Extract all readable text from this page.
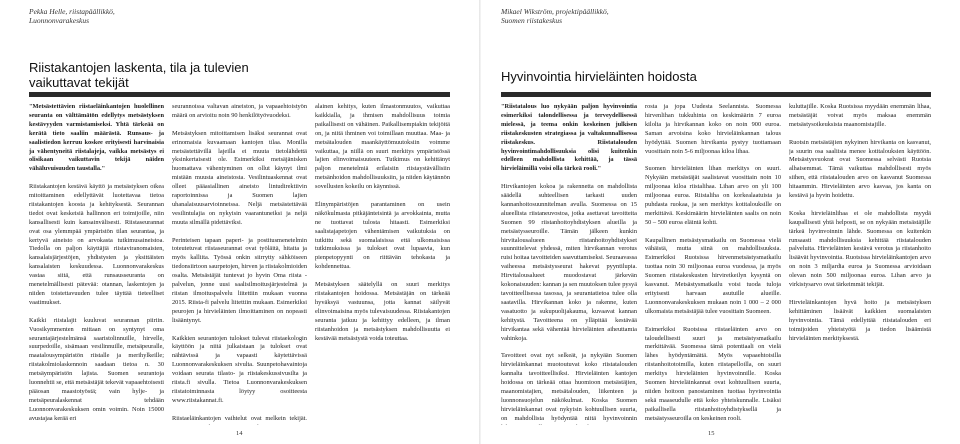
Pekka Helle, riistapäällikkö,
Luonnonvarakeskus
Riistakantojen laskenta, tila ja tulevien
vaikuttavat tekijät

"Metsästettävien riistaeläinkantojen huolellinen seuranta on välttämätön edellytys metsästyksen kestävyyden varmistamiseksi. Yhtä tärkeää on kerätä tieto saaliin määrästä. Runsaus- ja saalistiedon kerruu koskee erityisesti harvinaisia ja vähentyneitä riistalajeja, vaikka metsästys ei olisikaan vaikuttavin tekijä näiden vähäluvuisuuden taustalla."

Riistakantojen kestävä käyttö ja metsästyksen oikea mitoittaminen edellyttävät luotettavaa tietoa riistakantojen koosta ja kehityksestä. Seurannan tiedot ovat keskeisiä hallinnon eri toimijoille, niin kansallisesti kuin kansainvälisesti. Riistaseurannat ovat osa ylemmpää ympäristön tilan seurantaa, ja kertyvä aineisto on arvokasta tutkimusaineistoa. Tiedolla on paljon käyttäjiä riistaviranomaisten, kansalaisjärjestöjen, yhdistysten ja yksittäisten kansalaisten keskuudessa. Luonnonvarakeskus vastaa siitä, että runsausseuranta on menetelmällisesti pätevää: otannan, laskentojen ja niiden toistettavuuden tulee täyttää tieteelliset vaatimukset.

Kaikki riistalajit kuuluvat seurannan piiriin. Vuosikymmenten mittaan on syntynyt oma seurantajärjestelmänsä saaristolinnuille, hirvelle, suurpedoille, sisämaan vesilinnuille, metsäpeuralle, maatalousympäristön riistalle ja merihylkeille; riistakolmiolaskennoin saadaan tietoa n. 30 metsäympäristön lajista. Suomen seurantoja luonnehtii se, että metsästäjät tekevät vapaaehtoisesti pääosan maastotyöstä; vain hylje- ja metsäpeuralaskennat tehdään Luonnonvarakeskuksen omin voimin. Noin 15000 avustajaa kerää eri

seurannoissa valtavan aineiston, ja vapaaehtoistyön määrä on arvioitu noin 90 henkilötyövuodeksi.

Metsästyksen mitoittamisen lisäksi seurannat ovat erinomaisia kuvaamaan kantojen tilaa. Monilla metsästettävillä lajeilla ei muuta tietolähdettä yksinkertaisesti ole. Esimerkiksi metsäjänisken huomattava vähentyminen on ollut käynyt ilmi mistään muusta aineistosta. Vesilintuaskennat ovat olleet pääasiallinen aineisto lintudirektiivin raportoinnissa ja Suomen lajien uhanalaisuusarvioinneissa. Neljä metsästettävää vesilintulajia on nykyisin vaarantuneiksi ja neljä muuta silmällä pidettäviksi.

Perinteisen tapaan paperi- ja postitusmenetelmin toteutetuvat riistaseurannat ovat työläitä, hitaita ja myös kalliita. Työssä onkin siirrytty sähköiseen tiedonsiirtoon saurpetojen, hirven ja riistakolmioiden osalta. Metsästäjät tuntevat jo hyvin Oma riista -palvelun, jonne uusi saalisilmoitusjärjestelmä ja riistan ilmoituspalvelu liitettiin mukaan vuonna 2015. Riista-fi palvelu liitettiin mukaan. Esimerkiksi peurojen ja hirvieläinten ilmoittaminen on nopeasti lisääntynyt.

Kaikkien seurantojen tulokset tulevat riistaekologin käyttöön ja niitä julkaistaan ja tulokset ovat nähtävissä ja vapaasti käytettävissä Luonnonvarakeskuksen sivulta. Suunpetohavaintoja voidaan seurata tilasto- ja riistakeskussivusilta ja riista.fi sivulla. Tietoa Luonnonvarakeskuksen riistatoiminnasta löytyy osoitteesta www.riistakannat.fi.

Riistaeläinkantojen vaihtelut ovat melkein tekijät.

alainen kehitys, kuten ilmastonmuutos, vaikuttaa kaikkialla, ja ihmisen mahdollisuus toimia paikallisesti on vähäinen. Paikallisempiakin tekijöitä on, ja niitä ihminen voi toimillaan muuttaa. Maa- ja metsätalouden maankäyttömuutoksiin voimme vaikuttaa, ja niillä on suuri merkitys ympäristössä lajien elinvoimaisuuteen. Tutkimus on kehittänyt paljon menetelmiä erilaisiin riistaystävällisiin metsänhoidon mahdollisuuksiin, ja niiden käytännön sovellusten kokeilu on käynnissä.

Elinympäristöjen parantaminen on usein näkökulmasta pitkäjänteisintä ja arvokkainta, mutta ne tuottavat tulosta hitaasti. Esimerkiksi saalistajapetojen vähentämisen vaikutuksia on tutkittu sekä suomalaisissa että ulkomaisissa tutkimuksissa ja tulokset ovat lupaavia, kun pienpetopyynti on riittävän tehokasta ja kohdennettua.

Metsästyksen säätelyllä on suuri merkitys riistakantojen hoidossa. Metsästäjän on tärkeää hyväksyä vastuunsa, jotta kannat säilyvät elinvoimaisina myös tulevaisuudessa. Riistakantojen seuranta jatkuu ja kehittyy edelleen, ja ilman riistanhoidon ja metsästyksen mahdollisuutta ei kestävää metsästystä voida toteuttaa.

14
Mikael Wikström, projektipäällikkö,
Suomen riistakeskus
Hyvinvointia hirvieläinten hoidosta

"Riistatalous luo nykyään paljon hyvinvointia esimerkiksi talondellisessa ja terveydellisessä mielessä, ja teema onkin keskeinen julkisen riistakeskusten strategiassa ja valtakunnallisessa riistakeskus. Riistatalouden hyvinvointimahdollisuuksia olisi kuitenkin edelleen mahdollista kehittää, ja tässä hirvieläimillä voisi olla tärkeä rooli."

Hirvikantojen kokoa ja rakennetta on mahdollista säädellä suhteellisen tarkasti uuden kannanhoitosuunnitelman avulla. Suomessa on 15 alueellista riistaneuvostoa, jotka asettavat tavoitteita Suomen 99 riistanhoitoyhdistyksen alueilla ja metsästysseuroille. Tämän jälkeen kunkin hirvitalousalueen riistanhoitoyhdistykset suunnittelevat yhdessä, miten hirvikannan verotus ruisi hoitaa tavoitteiden saavuttamiseksi. Seuraavassa vaiheessa metsästysseurat hakevat pyyntilupia. Hirvitalousalueet muodostavat järkevän kokonaisuuden: kannan ja sen muutoksen tulee pysyä tavoitteellisessa tasossa, ja seurantatietoa tulee olla saatavilla. Hirvikannan koko ja rakenne, kuten vasatuotto ja sukupuolijakauma, kuvaavat kannan kehitystä. Tavoitteena on ylläpitää kestävää hirvikantaa sekä vähentää hirvieläinten aiheuttamia vahinkoja.

Tavoitteet ovat nyt selkeät, ja nykyään Suomen hirvieläinkannat muotoutuvat koko riistatalouden kannalta tavoitteellisiksi. Hirvieläinten kantojen hoidossa on tärkeää ottaa huomioon metsästäjien, maanomistajien, metsätalouden, liikenteen ja luonnonsuojelun näkökulmat. Koska Suomen hirvieläinkannat ovat nykyisin kohtuullisen suuria, on mahdollista hyödyntää niitä hyvinvoinnin

rosta ja jopa Uudesta Seelannista. Suomessa hirvenlihan tukkuhinta on keskimäärin 7 euroa kilolta ja hirvikannan koko on noin 900 euroa. Saman arvoisina koko hirvieläinkannan talous hyödyttää. Suomen hirvikanta pystyy tuottamaan vuosittain noin 5-6 miljoonaa kiloa lihaa.

Suomen hirvieläinten lihan merkitys on suuri. Nykyään metsästäjät saalistavat vuosittain noin 10 miljoonaa kiloa riistalihaa. Lihan arvo on yli 100 miljoonaa euroa. Riistaliha on korkealaatuista ja puhdasta ruokaa, ja sen merkitys kotitalouksille on merkittävä. Keskimäärin hirvieläinten saalis on noin 50 – 500 euroa eläintä kohti.

Kaupallinen metsästysmatkailu on Suomessa vielä vähäistä, mutta siinä on mahdollisuuksia. Esimerkiksi Ruotsissa hirvenmetsästysmatkailu tuottaa noin 30 miljoonaa euroa vuodessa, ja myös Suomen riistakeskusten hirviretkeilyn kysyntä on kasvanut. Metsästysmatkailu voisi tuoda tuloja erityisesti harvaan asutuille alueille. Luonnonvarakeskuksen mukaan noin 1 000 – 2 000 ulkomaista metsästäjää tulee vuosittain Suomeen.

Esimerkiksi Ruotsissa riistaeläinten arvo on taloudellisesti suuri ja metsästysmatkailu merkittävää. Suomessa tämä potentiaali on vielä lähes hyödyntämättä. Myös vapaaehtoisilla riistanhoitotoimilla, kuten riistapelloilla, on suuri merkitys hirvieläinten hyvinvoinnille. Koska Suomen hirvieläinkannat ovat kohtuullisen suuria, niiden hoitoon panostaminen tuottaa hyvinvointia sekä maaseudulle että koko yhteiskunnalle. Lisäksi paikallisella riistanhoitoyhdistyksellä ja metsästysseuroilla on keskeinen rooli.

kuluttajille. Koska Ruotsissa myydään enemmän lihaa, metsästäjät voivat myös maksaa enemmän metsästysoikeuksista maanomistajille.

Ruotsin metsästäjien nykyinen hirvikanta on kasvanut, ja suurin osa saaliista menee kotitalouksien käyttöön. Metsästysvuokrat ovat Suomessa selvästi Ruotsia alhaisemmat. Tämä vaikuttaa mahdollisesti myös siihen, että riistatalouden arvo on kasvanut Suomessa hitaammin. Hirvieläinten arvo kasvaa, jos kanta on kestävä ja hyvin hoidettu.

Koska hirvieläinlihaa ei ole mahdollista myydä kaupallisesti yhtä helposti, se on nykyään metsästäjille tärkeä hyvinvoinnin lähde. Suomessa on kuitenkin runsaasti mahdollisuuksia kehittää riistatalouden palveluita. Hirvieläinten kestävä verotus ja riistanhoito lisäävät hyvinvointia. Ruotsissa hirvieläinkantojen arvo on noin 3 miljardia euroa ja Suomessa arvioidaan olevan noin 500 miljoonaa euroa. Lihan arvo ja virkistysarvo ovat tärkeimmät tekijät.

Hirvieläinkantojen hyvä hoito ja metsästyksen kehittäminen lisäävät kaikkien suomalaisten hyvinvointia. Tämä edellyttää riistatalouden eri toimijoiden yhteistyötä ja tiedon lisäämistä hirvieläinten merkityksestä.

15
